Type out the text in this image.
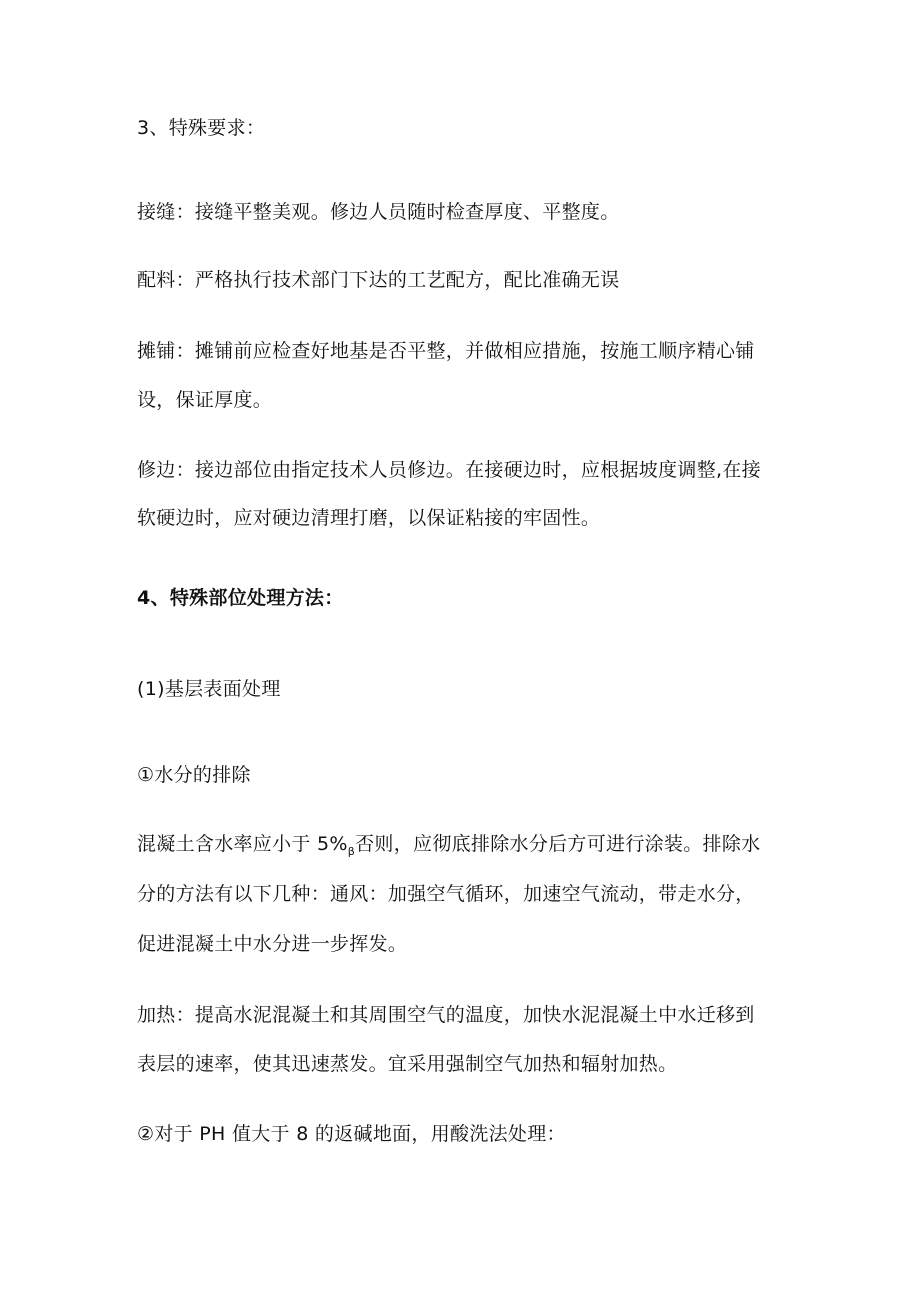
3、特殊要求：
接缝：接缝平整美观。修边人员随时检查厚度、平整度。
配料：严格执行技术部门下达的工艺配方，配比准确无误
摊铺：摊铺前应检查好地基是否平整，并做相应措施，按施工顺序精心铺
设，保证厚度。
修边：接边部位由指定技术人员修边。在接硬边时，应根据坡度调整,在接
软硬边时，应对硬边清理打磨，以保证粘接的牢固性。
4、特殊部位处理方法：
(1)基层表面处理
①水分的排除
混凝土含水率应小于 $5\%_\beta$否则，应彻底排除水分后方可进行涂装。排除水
分的方法有以下几种：通风：加强空气循环，加速空气流动，带走水分，
促进混凝土中水分进一步挥发。
加热：提高水泥混凝土和其周围空气的温度，加快水泥混凝土中水迁移到
表层的速率，使其迅速蒸发。宜采用强制空气加热和辐射加热。
②对于 PH 值大于 8 的返碱地面，用酸洗法处理：
